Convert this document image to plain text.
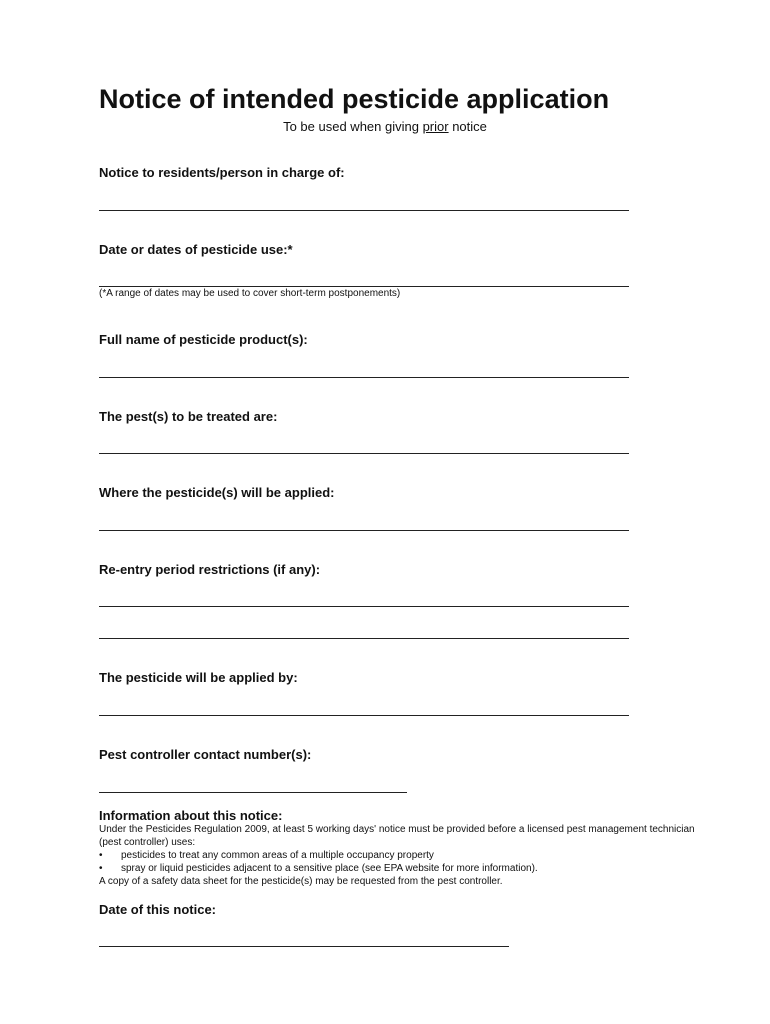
Notice of intended pesticide application
To be used when giving prior notice
Notice to residents/person in charge of:
Date or dates of pesticide use:*
(*A range of dates may be used to cover short-term postponements)
Full name of pesticide product(s):
The pest(s) to be treated are:
Where the pesticide(s) will be applied:
Re-entry period restrictions (if any):
The pesticide will be applied by:
Pest controller contact number(s):
Information about this notice:

Under the Pesticides Regulation 2009, at least 5 working days' notice must be provided before a licensed pest management technician (pest controller) uses:

• pesticides to treat any common areas of a multiple occupancy property
• spray or liquid pesticides adjacent to a sensitive place (see EPA website for more information).

A copy of a safety data sheet for the pesticide(s) may be requested from the pest controller.

Date of this notice:
